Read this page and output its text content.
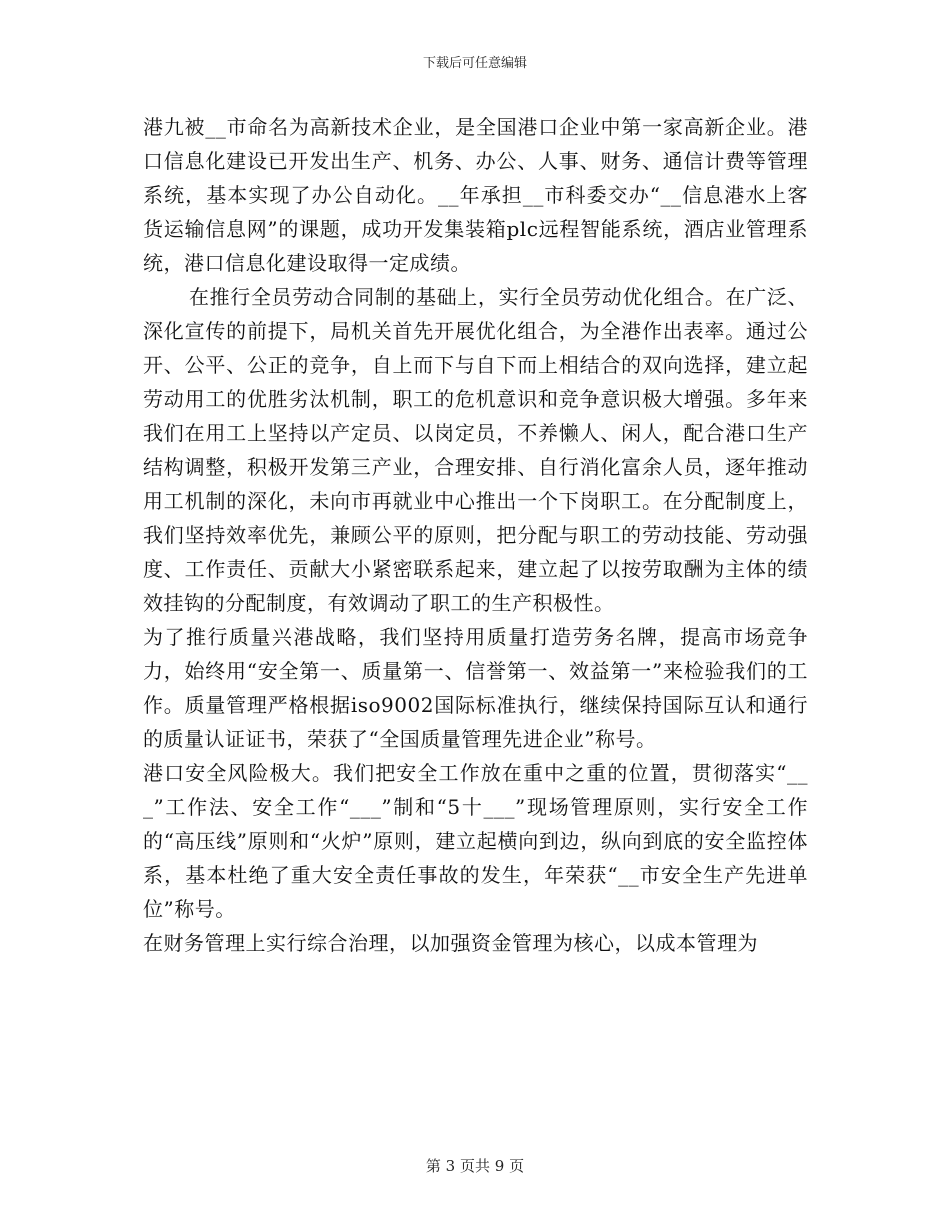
下载后可任意编辑

港九被__市命名为高新技术企业，是全国港口企业中第一家高新企业。港口信息化建设已开发出生产、机务、办公、人事、财务、通信计费等管理系统，基本实现了办公自动化。__年承担__市科委交办“__信息港水上客货运输信息网”的课题，成功开发集装箱plc远程智能系统，酒店业管理系统，港口信息化建设取得一定成绩。

在推行全员劳动合同制的基础上，实行全员劳动优化组合。在广泛、深化宣传的前提下，局机关首先开展优化组合，为全港作出表率。通过公开、公平、公正的竞争，自上而下与自下而上相结合的双向选择，建立起劳动用工的优胜劣汰机制，职工的危机意识和竞争意识极大增强。多年来我们在用工上坚持以产定员、以岗定员，不养懒人、闲人，配合港口生产结构调整，积极开发第三产业，合理安排、自行消化富余人员，逐年推动用工机制的深化，未向市再就业中心推出一个下岗职工。在分配制度上，我们坚持效率优先，兼顾公平的原则，把分配与职工的劳动技能、劳动强度、工作责任、贡献大小紧密联系起来，建立起了以按劳取酬为主体的绩效挂钩的分配制度，有效调动了职工的生产积极性。

为了推行质量兴港战略，我们坚持用质量打造劳务名牌，提高市场竞争力，始终用“安全第一、质量第一、信誉第一、效益第一”来检验我们的工作。质量管理严格根据iso9002国际标准执行，继续保持国际互认和通行的质量认证证书，荣获了“全国质量管理先进企业”称号。

港口安全风险极大。我们把安全工作放在重中之重的位置，贯彻落实“___”工作法、安全工作“___”制和“5十___”现场管理原则，实行安全工作的“高压线”原则和“火炉”原则，建立起横向到边，纵向到底的安全监控体系，基本杜绝了重大安全责任事故的发生，年荣获“__市安全生产先进单位”称号。

在财务管理上实行综合治理，以加强资金管理为核心，以成本管理为

第 3 页共 9 页
